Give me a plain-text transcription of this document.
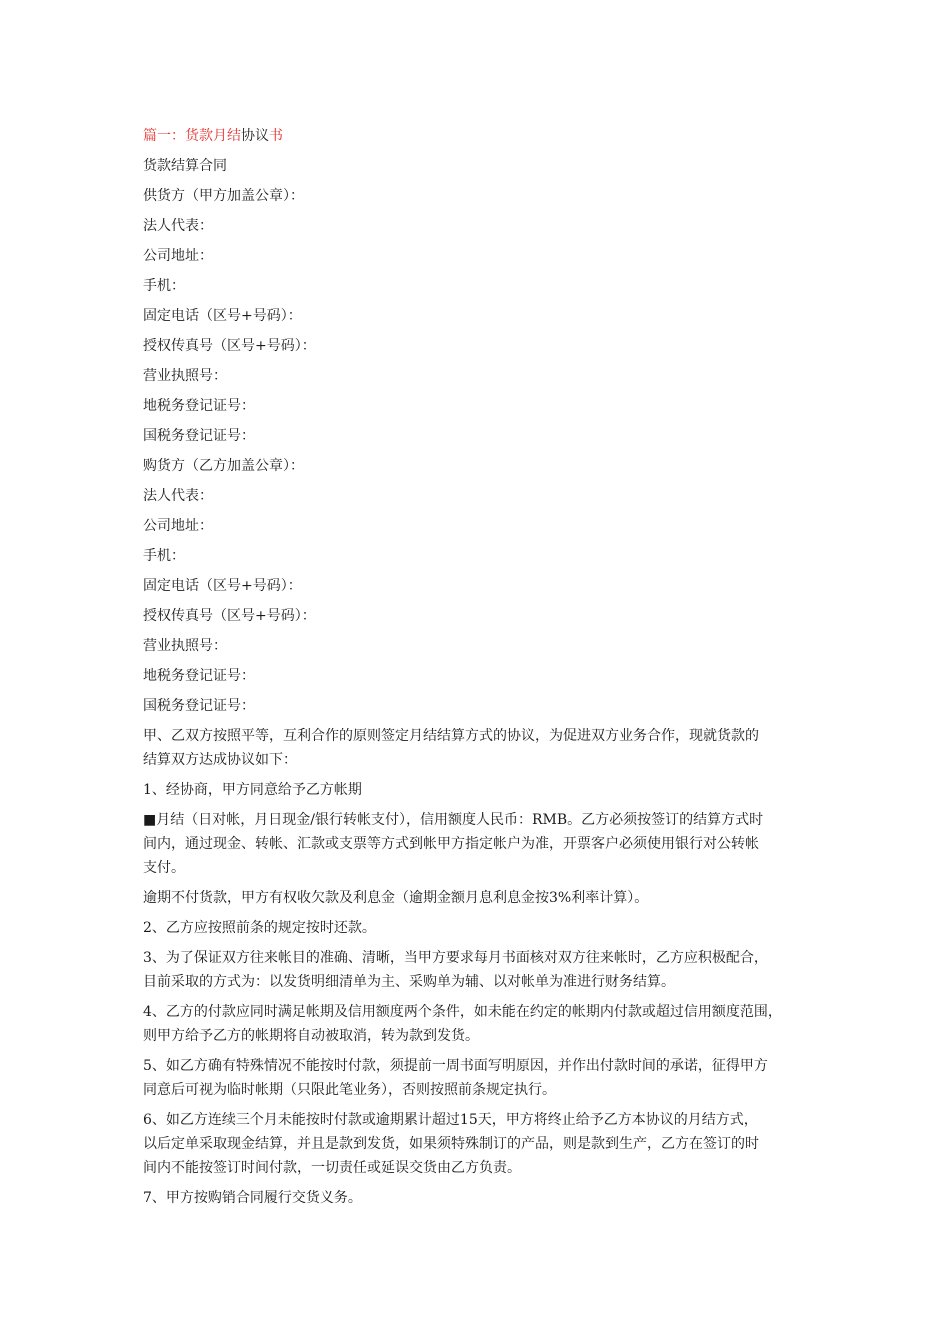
篇一：货款月结协议书
货款结算合同
供货方（甲方加盖公章）：
法人代表：
公司地址：
手机：
固定电话（区号+号码）：
授权传真号（区号+号码）：
营业执照号：
地税务登记证号：
国税务登记证号：
购货方（乙方加盖公章）：
法人代表：
公司地址：
手机：
固定电话（区号+号码）：
授权传真号（区号+号码）：
营业执照号：
地税务登记证号：
国税务登记证号：
甲、乙双方按照平等，互利合作的原则签定月结结算方式的协议，为促进双方业务合作，现就货款的
结算双方达成协议如下：
1、经协商，甲方同意给予乙方帐期
■月结（日对帐，月日现金/银行转帐支付），信用额度人民币：RMB。乙方必须按签订的结算方式时
间内，通过现金、转帐、汇款或支票等方式到帐甲方指定帐户为准，开票客户必须使用银行对公转帐
支付。
逾期不付货款，甲方有权收欠款及利息金（逾期金额月息利息金按3%利率计算）。
2、乙方应按照前条的规定按时还款。
3、为了保证双方往来帐目的准确、清晰，当甲方要求每月书面核对双方往来帐时，乙方应积极配合，
目前采取的方式为：以发货明细清单为主、采购单为辅、以对帐单为准进行财务结算。
4、乙方的付款应同时满足帐期及信用额度两个条件，如未能在约定的帐期内付款或超过信用额度范围，
则甲方给予乙方的帐期将自动被取消，转为款到发货。
5、如乙方确有特殊情况不能按时付款，须提前一周书面写明原因，并作出付款时间的承诺，征得甲方
同意后可视为临时帐期（只限此笔业务），否则按照前条规定执行。
6、如乙方连续三个月未能按时付款或逾期累计超过15天，甲方将终止给予乙方本协议的月结方式，
以后定单采取现金结算，并且是款到发货，如果须特殊制订的产品，则是款到生产，乙方在签订的时
间内不能按签订时间付款，一切责任或延误交货由乙方负责。
7、甲方按购销合同履行交货义务。
